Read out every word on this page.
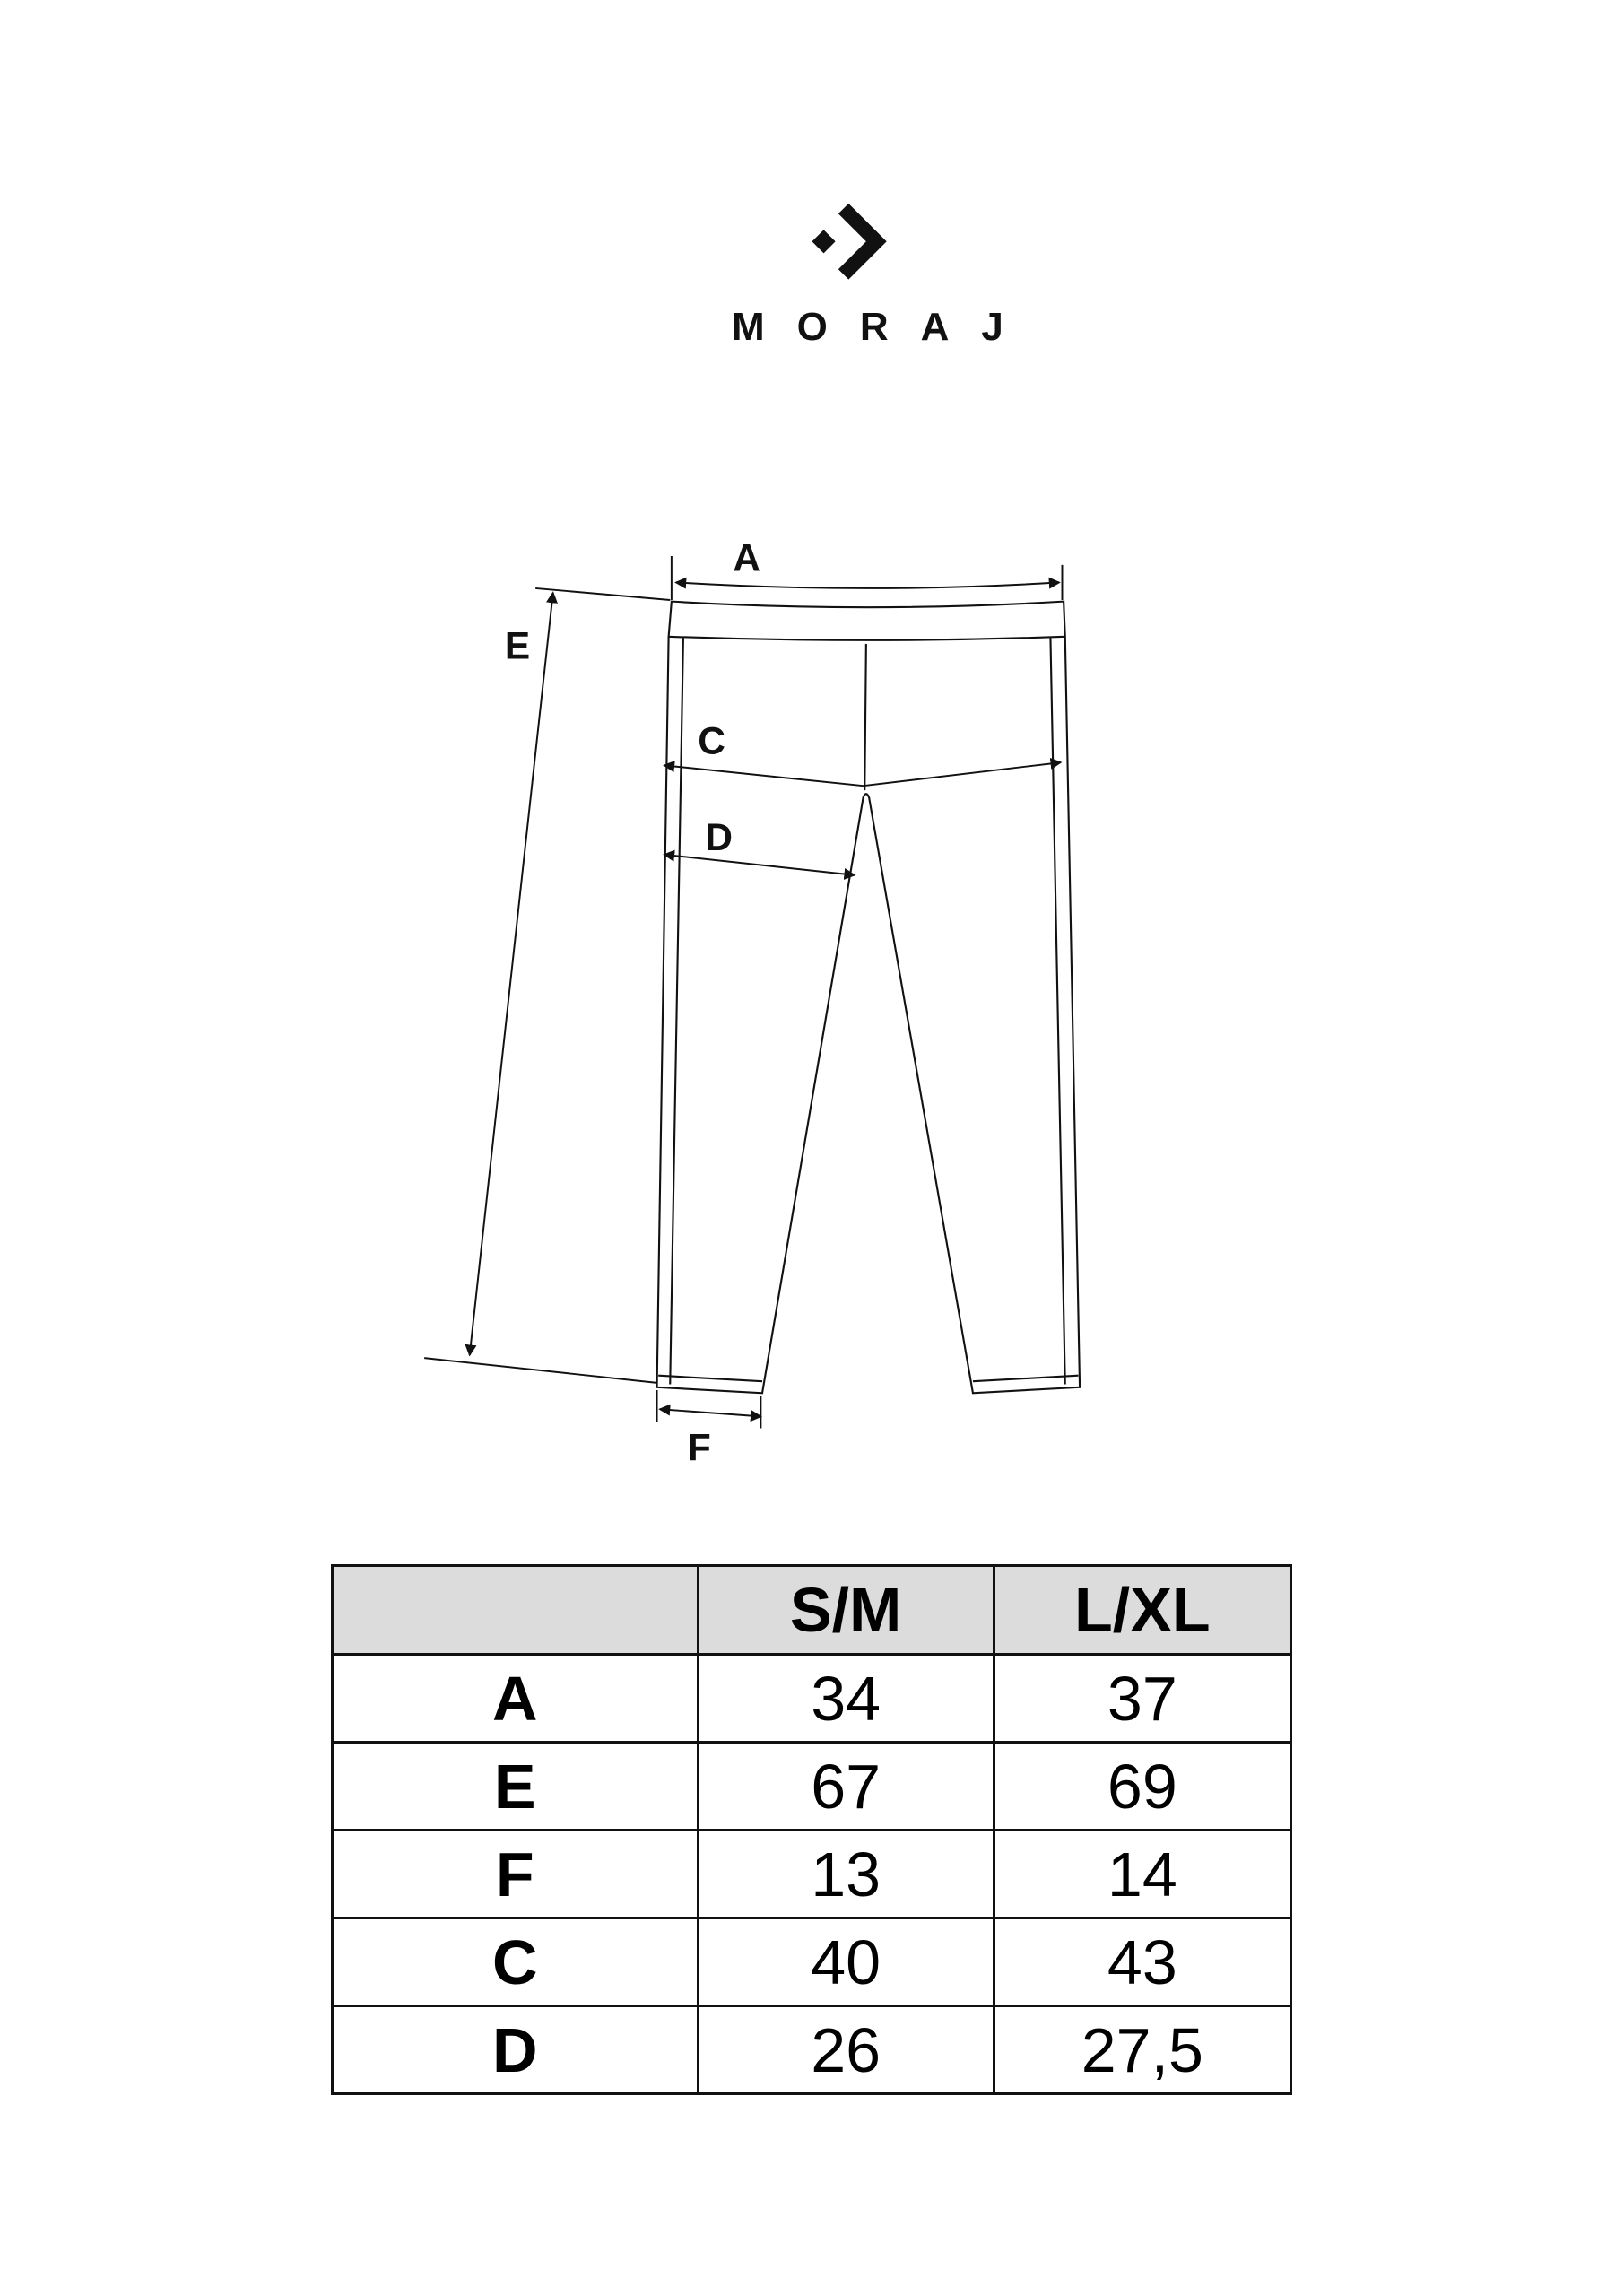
A
E
C
D
F
MORAJ
	S/M	L/XL
A	34	37
E	67	69
F	13	14
C	40	43
D	26	27,5
